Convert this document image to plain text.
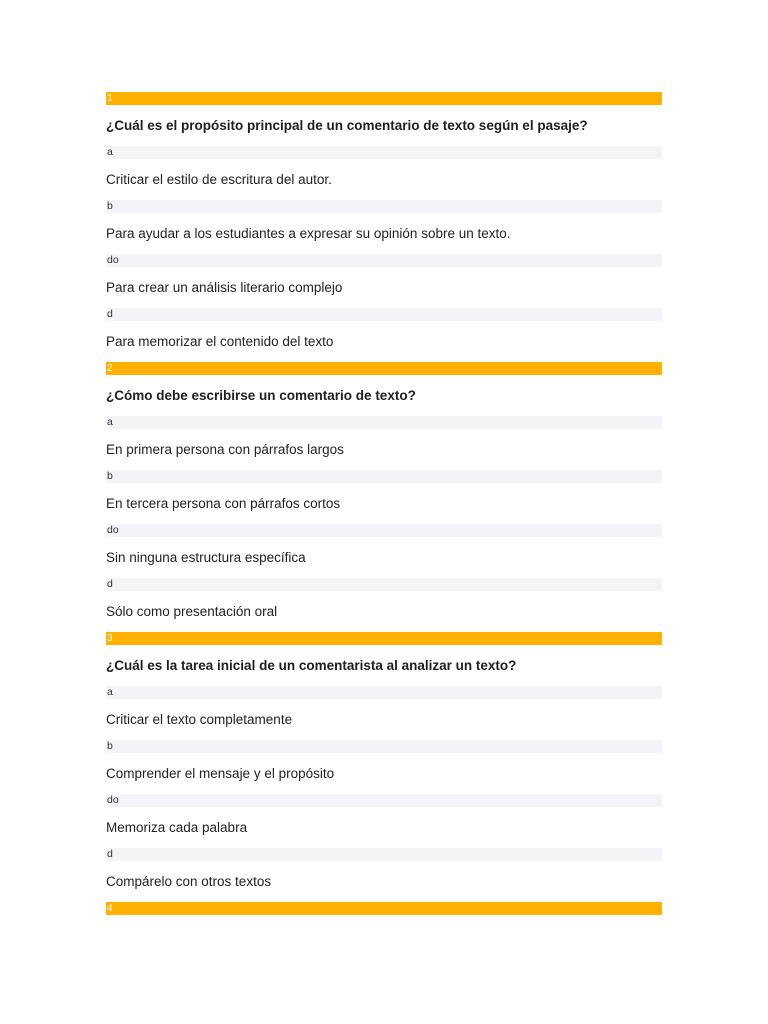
1
¿Cuál es el propósito principal de un comentario de texto según el pasaje?
a
Criticar el estilo de escritura del autor.
b
Para ayudar a los estudiantes a expresar su opinión sobre un texto.
do
Para crear un análisis literario complejo
d
Para memorizar el contenido del texto
2
¿Cómo debe escribirse un comentario de texto?
a
En primera persona con párrafos largos
b
En tercera persona con párrafos cortos
do
Sin ninguna estructura específica
d
Sólo como presentación oral
3
¿Cuál es la tarea inicial de un comentarista al analizar un texto?
a
Criticar el texto completamente
b
Comprender el mensaje y el propósito
do
Memoriza cada palabra
d
Compárelo con otros textos
4
